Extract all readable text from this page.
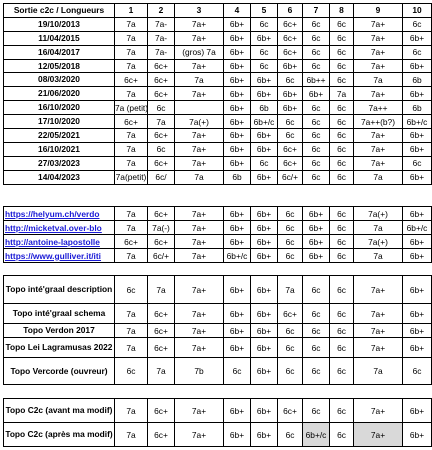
Sortie c2c / Longueurs	1	2	3	4	5	6	7	8	9	10
19/10/2013	7a	7a-	7a+	6b+	6c	6c+	6c	6c	7a+	6c
11/04/2015	7a	7a-	7a+	6b+	6b+	6c+	6c	6c	7a+	6b+
16/04/2017	7a	7a-	(gros) 7a	6b+	6c	6c+	6c	6c	7a+	6c
12/05/2018	7a	6c+	7a+	6b+	6c	6b+	6c	6c	7a+	6b+
08/03/2020	6c+	6c+	7a	6b+	6b+	6c	6b++	6c	7a	6b
21/06/2020	7a	6c+	7a+	6b+	6b+	6b+	6b+	7a	7a+	6b+
16/10/2020	7a (petit)	6c		6b+	6b	6b+	6c	6c	7a++	6b
17/10/2020	6c+	7a	7a(+)	6b+	6b+/c	6c	6c	6c	7a++(b?)	6b+/c
22/05/2021	7a	6c+	7a+	6b+	6b+	6c	6c	6c	7a+	6b+
16/10/2021	7a	6c	7a+	6b+	6b+	6c+	6c	6c	7a+	6b+
27/03/2023	7a	6c+	7a+	6b+	6c	6c+	6c	6c	7a+	6c
14/04/2023	7a(petit)	6c/	7a	6b	6b+	6c/+	6c	6c	7a	6b+
https://helyum.ch/verdo	7a	6c+	7a+	6b+	6b+	6c	6b+	6c	7a(+)	6b+
http://micketval.over-blo	7a	7a(-)	7a+	6b+	6b+	6c	6b+	6c	7a	6b+/c
http://antoine-lapostolle	6c+	6c+	7a+	6b+	6b+	6c	6b+	6c	7a(+)	6b+
https://www.gulliver.it/iti	7a	6c/+	7a+	6b+/c	6b+	6c	6b+	6c	7a	6b+
Topo inté'graal description	6c	7a	7a+	6b+	6b+	7a	6c	6c	7a+	6b+
Topo inté'graal schema	7a	6c+	7a+	6b+	6b+	6c+	6c	6c	7a+	6b+
Topo Verdon 2017	7a	6c+	7a+	6b+	6b+	6c	6c	6c	7a+	6b+
Topo Lei Lagramusas 2022	7a	6c+	7a+	6b+	6b+	6c	6c	6c	7a+	6b+
Topo Vercorde (ouvreur)	6c	7a	7b	6c	6b+	6c	6c	6c	7a	6c
Topo C2c (avant ma modif)	7a	6c+	7a+	6b+	6b+	6c+	6c	6c	7a+	6b+
Topo C2c (après ma modif)	7a	6c+	7a+	6b+	6b+	6c	6b+/c	6c	7a+	6b+
